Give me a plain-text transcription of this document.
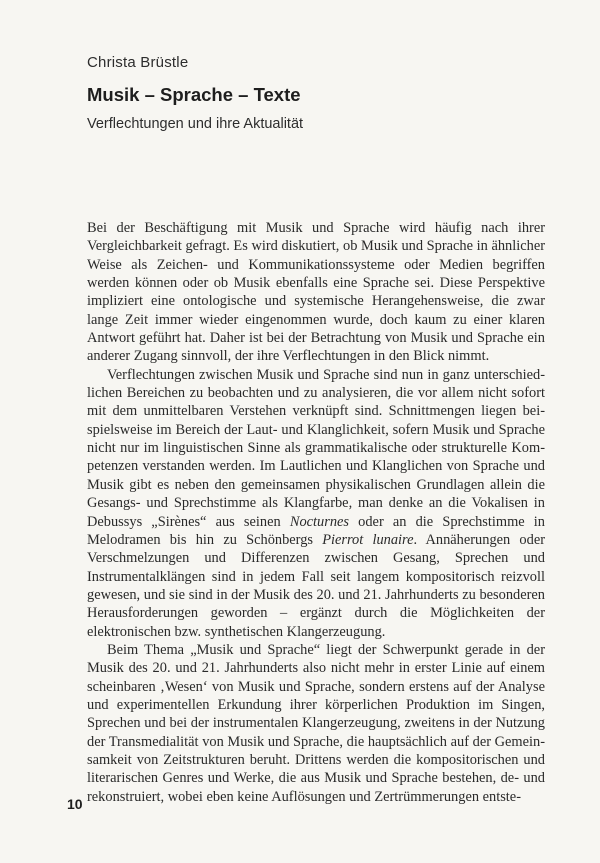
Christa Brüstle
Musik – Sprache – Texte
Verflechtungen und ihre Aktualität

Bei der Beschäftigung mit Musik und Sprache wird häufig nach ihrer Vergleichbarkeit gefragt. Es wird diskutiert, ob Musik und Sprache in ähnlicher Weise als Zeichen- und Kommunikationssysteme oder Medien begriffen werden können oder ob Musik ebenfalls eine Sprache sei. Diese Perspektive impliziert eine ontologische und systemische Herangehensweise, die zwar lange Zeit immer wieder eingenommen wurde, doch kaum zu einer klaren Antwort geführt hat. Daher ist bei der Betrachtung von Musik und Sprache ein anderer Zugang sinnvoll, der ihre Verflechtungen in den Blick nimmt.

Verflechtungen zwischen Musik und Sprache sind nun in ganz unterschiedlichen Bereichen zu beobachten und zu analysieren, die vor allem nicht sofort mit dem unmittelbaren Verstehen verknüpft sind. Schnittmengen liegen beispielsweise im Bereich der Laut- und Klanglichkeit, sofern Musik und Sprache nicht nur im linguistischen Sinne als grammatikalische oder strukturelle Kompetenzen verstanden werden. Im Lautlichen und Klanglichen von Sprache und Musik gibt es neben den gemeinsamen physikalischen Grundlagen allein die Gesangs- und Sprechstimme als Klangfarbe, man denke an die Vokalisen in Debussys „Sirènes“ aus seinen Nocturnes oder an die Sprechstimme in Melodramen bis hin zu Schönbergs Pierrot lunaire. Annäherungen oder Verschmelzungen und Differenzen zwischen Gesang, Sprechen und Instrumentalklängen sind in jedem Fall seit langem kompositorisch reizvoll gewesen, und sie sind in der Musik des 20. und 21. Jahrhunderts zu besonderen Herausforderungen geworden – ergänzt durch die Möglichkeiten der elektronischen bzw. synthetischen Klangerzeugung.

Beim Thema „Musik und Sprache“ liegt der Schwerpunkt gerade in der Musik des 20. und 21. Jahrhunderts also nicht mehr in erster Linie auf einem scheinbaren ‚Wesen‘ von Musik und Sprache, sondern erstens auf der Analyse und experimentellen Erkundung ihrer körperlichen Produktion im Singen, Sprechen und bei der instrumentalen Klangerzeugung, zweitens in der Nutzung der Transmedialität von Musik und Sprache, die hauptsächlich auf der Gemeinsamkeit von Zeitstrukturen beruht. Drittens werden die kompositorischen und literarischen Genres und Werke, die aus Musik und Sprache bestehen, de- und rekonstruiert, wobei eben keine Auflösungen und Zertrümmerungen entste-

10
